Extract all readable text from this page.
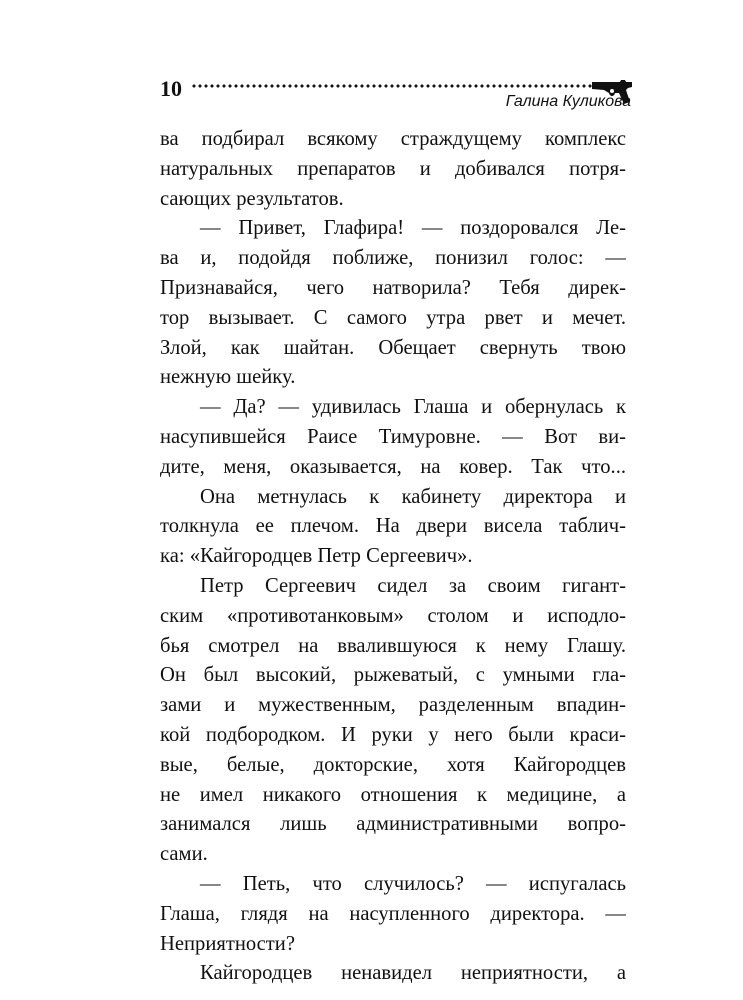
10
Галина Куликова
ва подбирал всякому страждущему комплекс
натуральных препаратов и добивался потря-
сающих результатов.
— Привет, Глафира! — поздоровался Ле-
ва и, подойдя поближе, понизил голос: —
Признавайся, чего натворила? Тебя дирек-
тор вызывает. С самого утра рвет и мечет.
Злой, как шайтан. Обещает свернуть твою
нежную шейку.
— Да? — удивилась Глаша и обернулась к
насупившейся Раисе Тимуровне. — Вот ви-
дите, меня, оказывается, на ковер. Так что...
Она метнулась к кабинету директора и
толкнула ее плечом. На двери висела таблич-
ка: «Кайгородцев Петр Сергеевич».
Петр Сергеевич сидел за своим гигант-
ским «противотанковым» столом и исподло-
бья смотрел на ввалившуюся к нему Глашу.
Он был высокий, рыжеватый, с умными гла-
зами и мужественным, разделенным впадин-
кой подбородком. И руки у него были краси-
вые, белые, докторские, хотя Кайгородцев
не имел никакого отношения к медицине, а
занимался лишь административными вопро-
сами.
— Петь, что случилось? — испугалась
Глаша, глядя на насупленного директора. —
Неприятности?
Кайгородцев ненавидел неприятности, а
